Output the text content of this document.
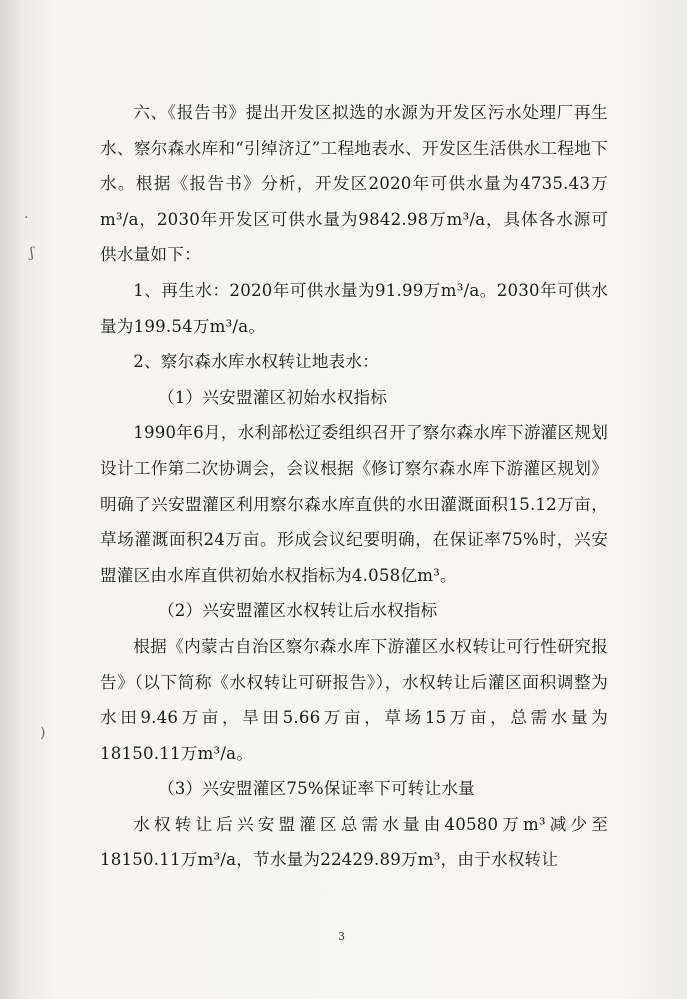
·
ʃ
)

六、《报告书》提出开发区拟选的水源为开发区污水处理厂再生水、察尔森水库和“引绰济辽”工程地表水、开发区生活供水工程地下水。根据《报告书》分析，开发区2020年可供水量为4735.43万m³/a，2030年开发区可供水量为9842.98万m³/a，具体各水源可供水量如下：

1、再生水：2020年可供水量为91.99万m³/a。2030年可供水量为199.54万m³/a。

2、察尔森水库水权转让地表水：

（1）兴安盟灌区初始水权指标

1990年6月，水利部松辽委组织召开了察尔森水库下游灌区规划设计工作第二次协调会，会议根据《修订察尔森水库下游灌区规划》明确了兴安盟灌区利用察尔森水库直供的水田灌溉面积15.12万亩，草场灌溉面积24万亩。形成会议纪要明确，在保证率75%时，兴安盟灌区由水库直供初始水权指标为4.058亿m³。

（2）兴安盟灌区水权转让后水权指标

根据《内蒙古自治区察尔森水库下游灌区水权转让可行性研究报告》（以下简称《水权转让可研报告》），水权转让后灌区面积调整为水田9.46万亩，旱田5.66万亩，草场15万亩，总需水量为18150.11万m³/a。

（3）兴安盟灌区75%保证率下可转让水量

水权转让后兴安盟灌区总需水量由40580万m³减少至18150.11万m³/a，节水量为22429.89万m³，由于水权转让

3
